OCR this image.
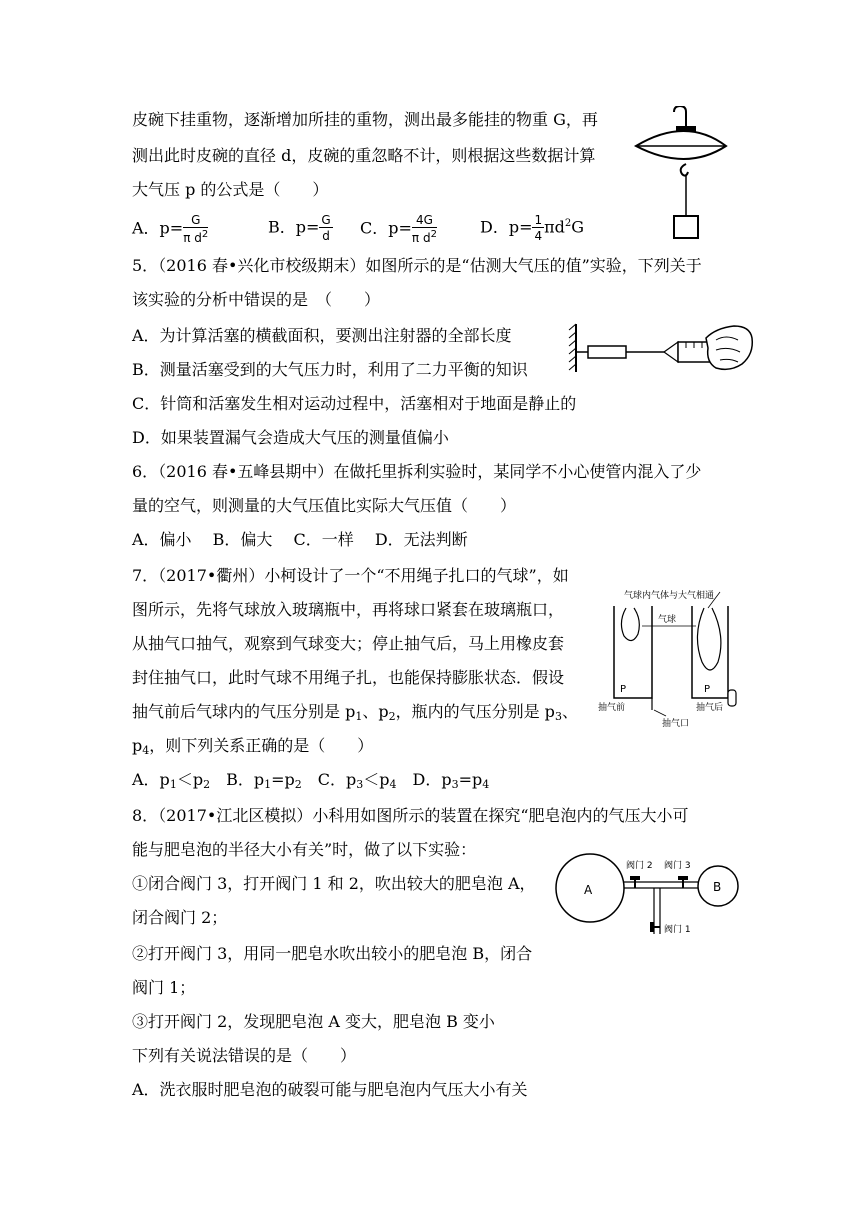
皮碗下挂重物，逐渐增加所挂的重物，测出最多能挂的物重 G，再
测出此时皮碗的直径 d，皮碗的重忽略不计，则根据这些数据计算
大气压 p 的公式是（　　）
A．$p= \frac{G}{\pi d^2}$	B．$p= \frac{G}{d}$ C．$p= \frac{4G}{\pi d^2}$	D．$p= \frac{1}{4} \pi d^2G$
5．（2016 春•兴化市校级期末）如图所示的是“估测大气压的值”实验，下列关于
该实验的分析中错误的是　（　　）
A．为计算活塞的横截面积，要测出注射器的全部长度
B．测量活塞受到的大气压力时，利用了二力平衡的知识
C．针筒和活塞发生相对运动过程中，活塞相对于地面是静止的
D．如果装置漏气会造成大气压的测量值偏小
6．（2016 春•五峰县期中）在做托里拆利实验时，某同学不小心使管内混入了少
量的空气，则测量的大气压值比实际大气压值（　　）
A．偏小　 B．偏大　 C．一样　 D．无法判断
7．（2017•衢州）小柯设计了一个“不用绳子扎口的气球”，如
图所示，先将气球放入玻璃瓶中，再将球口紧套在玻璃瓶口，
从抽气口抽气，观察到气球变大；停止抽气后，马上用橡皮套
封住抽气口，此时气球不用绳子扎，也能保持膨胀状态．假设
抽气前后气球内的气压分别是 $p_1$、$p_2$，瓶内的气压分别是 $p_3$、
$p_4$，则下列关系正确的是（　　）
A．$p_1<p_2$　B．$p_1=p_2$　C．$p_3<p_4$　D．$p_3=p_4$
气球内气体与大气相通
P
抽气前
气球
P
抽气后
抽气口
8．（2017•江北区模拟）小科用如图所示的装置在探究“肥皂泡内的气压大小可
能与肥皂泡的半径大小有关”时，做了以下实验：
①闭合阀门 3，打开阀门 1 和 2，吹出较大的肥皂泡 A，
闭合阀门 2；
②打开阀门 3，用同一肥皂水吹出较小的肥皂泡 B，闭合
阀门 1；
③打开阀门 2，发现肥皂泡 A 变大，肥皂泡 B 变小
下列有关说法错误的是（　　）
A．洗衣服时肥皂泡的破裂可能与肥皂泡内气压大小有关
A	B
阀门 2 阀门 3
阀门 1
